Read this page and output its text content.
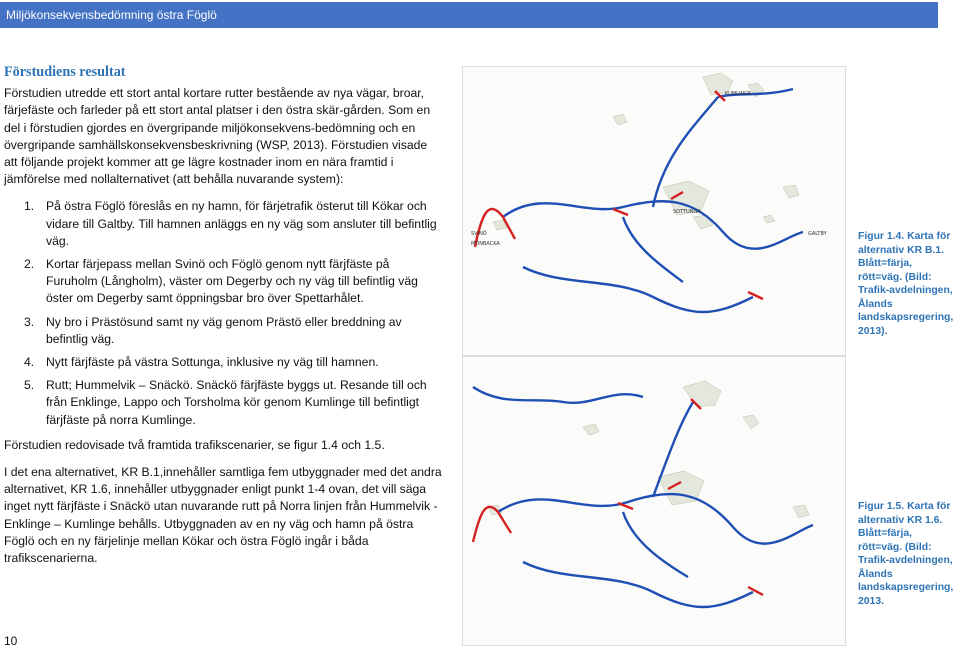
Miljökonsekvensbedömning östra Föglö
Förstudiens resultat

Förstudien utredde ett stort antal kortare rutter bestående av nya vägar, broar, färjefäste och farleder på ett stort antal platser i den östra skär-gården. Som en del i förstudien gjordes en övergripande miljökonsekvens-bedömning och en övergripande samhällskonsekvensbeskrivning (WSP, 2013). Förstudien visade att följande projekt kommer att ge lägre kostnader inom en nära framtid i jämförelse med nollalternativet (att behålla nuvarande system):

1. På östra Föglö föreslås en ny hamn, för färjetrafik österut till Kökar och vidare till Galtby. Till hamnen anläggs en ny väg som ansluter till befintlig väg.
2. Kortar färjepass mellan Svinö och Föglö genom nytt färjfäste på Furuholm (Långholm), väster om Degerby och ny väg till befintlig väg öster om Degerby samt öppningsbar bro över Spettarhålet.
3. Ny bro i Prästösund samt ny väg genom Prästö eller breddning av befintlig väg.
4. Nytt färjfäste på västra Sottunga, inklusive ny väg till hamnen.
5. Rutt; Hummelvik – Snäckö. Snäckö färjfäste byggs ut. Resande till och från Enklinge, Lappo och Torsholma kör genom Kumlinge till befintligt färjfäste på norra Kumlinge.

Förstudien redovisade två framtida trafikscenarier, se figur 1.4 och 1.5.

I det ena alternativet, KR B.1,innehåller samtliga fem utbyggnader med det andra alternativet, KR 1.6, innehåller utbyggnader enligt punkt 1-4 ovan, det vill säga inget nytt färjfäste i Snäckö utan nuvarande rutt på Norra linjen från Hummelvik - Enklinge – Kumlinge behålls. Utbyggnaden av en ny väg och hamn på östra Föglö och en ny färjelinje mellan Kökar och östra Föglö ingår i båda trafikscenarierna.

KUMLINGE
SOTTUNGA
GALTBY
SVINÖ
MÖNBACKA
Figur 1.4. Karta för alternativ KR B.1. Blått=färja, rött=väg. (Bild: Trafik-avdelningen, Ålands landskapsregering, 2013).
Figur 1.5. Karta för alternativ KR 1.6. Blått=färja, rött=väg. (Bild: Trafik-avdelningen, Ålands landskapsregering, 2013.
10
